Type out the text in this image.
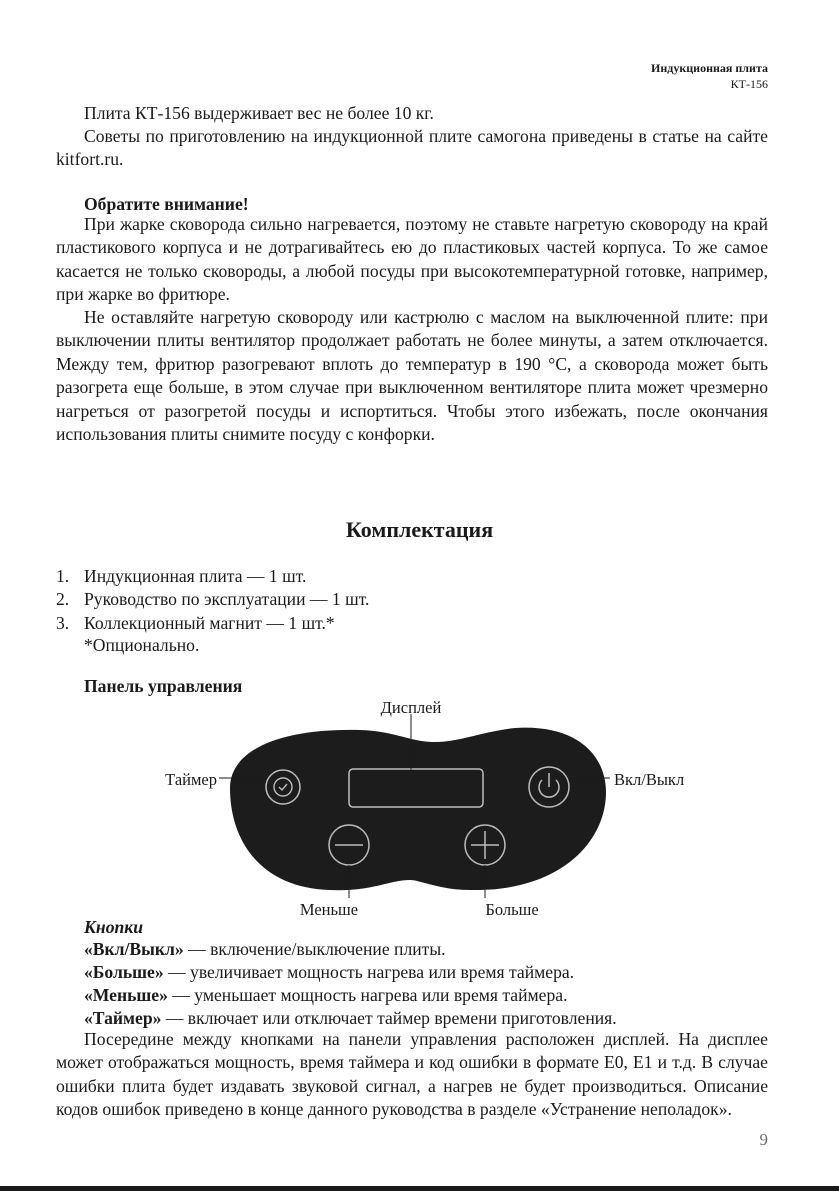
Индукционная плита
КТ-156

Плита КТ-156 выдерживает вес не более 10 кг.

Советы по приготовлению на индукционной плите самогона приведены в статье на сайте kitfort.ru.

Обратите внимание!

При жарке сковорода сильно нагревается, поэтому не ставьте нагретую сковороду на край пластикового корпуса и не дотрагивайтесь ею до пластиковых частей корпуса. То же самое касается не только сковороды, а любой посуды при высокотемпературной готовке, например, при жарке во фритюре.

Не оставляйте нагретую сковороду или кастрюлю с маслом на выключенной плите: при выключении плиты вентилятор продолжает работать не более минуты, а затем отключается. Между тем, фритюр разогревают вплоть до температур в 190 °С, а сковорода может быть разогрета еще больше, в этом случае при выключенном вентиляторе плита может чрезмерно нагреться от разогретой посуды и испортиться. Чтобы этого избежать, после окончания использования плиты снимите посуду с конфорки.

Комплектация
1. Индукционная плита — 1 шт.
2. Руководство по эксплуатации — 1 шт.
3. Коллекционный магнит — 1 шт.*

*Опционально.

Панель управления

Дисплей
Таймер	Вкл/Выкл
Меньше	Больше

Кнопки

«Вкл/Выкл» — включение/выключение плиты.

«Больше» — увеличивает мощность нагрева или время таймера.

«Меньше» — уменьшает мощность нагрева или время таймера.

«Таймер» — включает или отключает таймер времени приготовления.

Посередине между кнопками на панели управления расположен дисплей. На дисплее может отображаться мощность, время таймера и код ошибки в формате Е0, Е1 и т.д. В случае ошибки плита будет издавать звуковой сигнал, а нагрев не будет производиться. Описание кодов ошибок приведено в конце данного руководства в разделе «Устранение неполадок».

9
